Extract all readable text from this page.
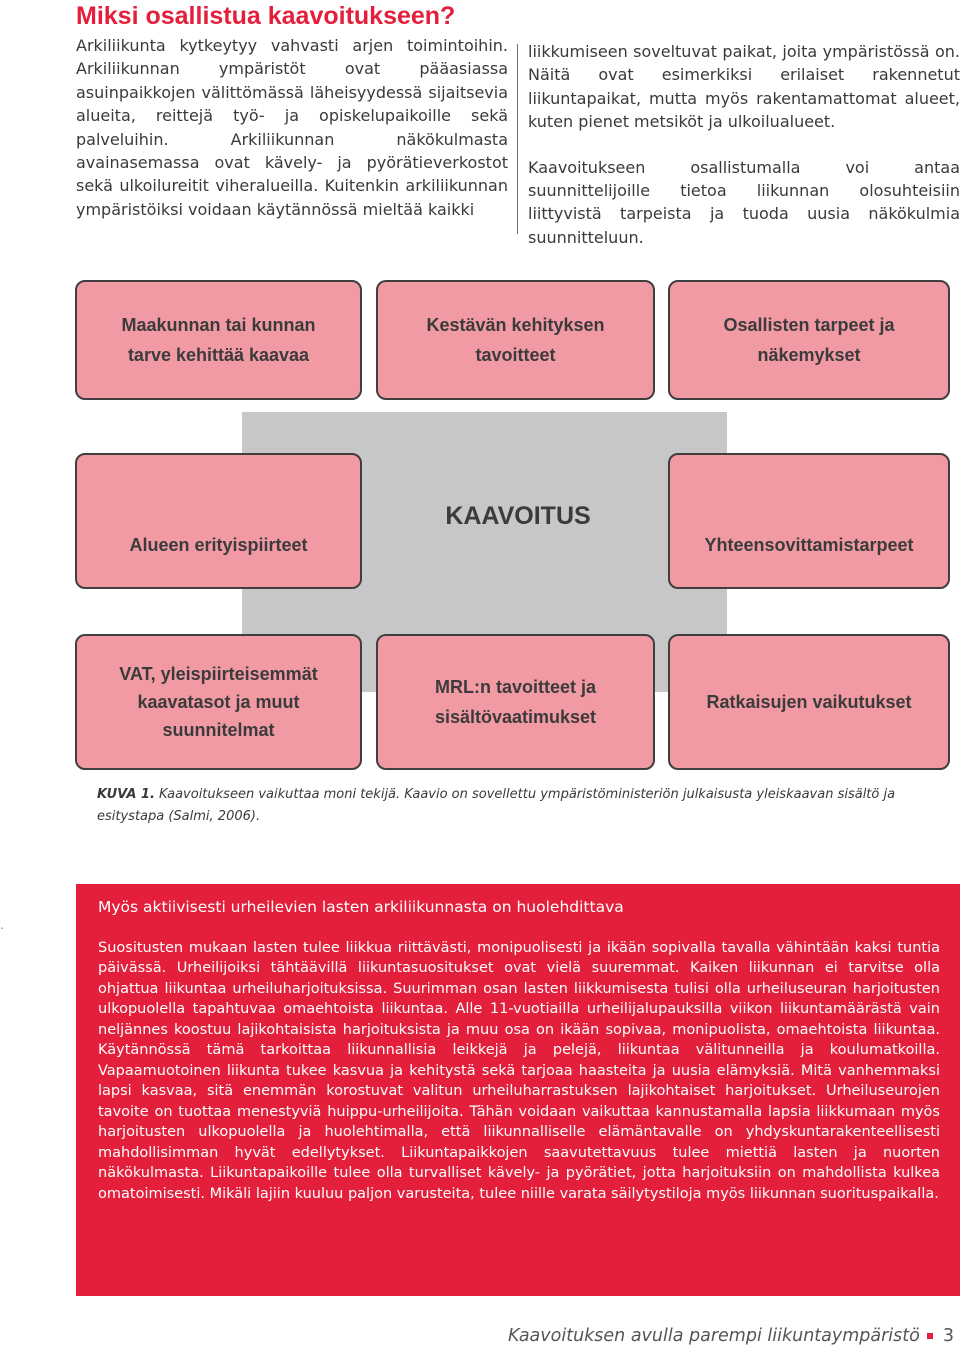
Miksi osallistua kaavoitukseen?

Arkiliikunta kytkeytyy vahvasti arjen toimintoihin. Arkiliikunnan ympäristöt ovat pääasiassa asuinpaikkojen välittömässä läheisyydessä sijaitsevia alueita, reittejä työ- ja opiskelupaikoille sekä palveluihin. Arkiliikunnan näkökulmasta avainasemassa ovat kävely- ja pyörätieverkostot sekä ulkoilureitit viheralueilla. Kuitenkin arkiliikunnan ympäristöiksi voidaan käytännössä mieltää kaikki

liikkumiseen soveltuvat paikat, joita ympäristössä on. Näitä ovat esimerkiksi erilaiset rakennetut liikuntapaikat, mutta myös rakentamattomat alueet, kuten pienet metsiköt ja ulkoilualueet.

Kaavoitukseen osallistumalla voi antaa suunnittelijoille tietoa liikunnan olosuhteisiin liittyvistä tarpeista ja tuoda uusia näkökulmia suunnitteluun.

Maakunnan tai kunnan
tarve kehittää kaavaa
Kestävän kehityksen
tavoitteet
Osallisten tarpeet ja
näkemykset
Alueen erityispiirteet	Yhteensovittamistarpeet
KAAVOITUS
VAT, yleispiirteisemmät
kaavatasot ja muut
suunnitelmat
MRL:n tavoitteet ja
sisältövaatimukset
Ratkaisujen vaikutukset
KUVA 1. Kaavoitukseen vaikuttaa moni tekijä. Kaavio on sovellettu ympäristöministeriön julkaisusta yleiskaavan sisältö ja esitystapa (Salmi, 2006).
.
Myös aktiivisesti urheilevien lasten arkiliikunnasta on huolehdittava

Suositusten mukaan lasten tulee liikkua riittävästi, monipuolisesti ja ikään sopivalla tavalla vähintään kaksi tuntia päivässä. Urheilijoiksi tähtäävillä liikuntasuositukset ovat vielä suuremmat. Kaiken liikunnan ei tarvitse olla ohjattua liikuntaa urheiluharjoituksissa. Suurimman osan lasten liikkumisesta tulisi olla urheiluseuran harjoitusten ulkopuolella tapahtuvaa omaehtoista liikuntaa. Alle 11-vuotiailla urheilijalupauksilla viikon liikuntamäärästä vain neljännes koostuu lajikohtaisista harjoituksista ja muu osa on ikään sopivaa, monipuolista, omaehtoista liikuntaa. Käytännössä tämä tarkoittaa liikunnallisia leikkejä ja pelejä, liikuntaa välitunneilla ja koulumatkoilla. Vapaamuotoinen liikunta tukee kasvua ja kehitystä sekä tarjoaa haasteita ja uusia elämyksiä. Mitä vanhemmaksi lapsi kasvaa, sitä enemmän korostuvat valitun urheiluharrastuksen lajikohtaiset harjoitukset. Urheiluseurojen tavoite on tuottaa menestyviä huippu-urheilijoita. Tähän voidaan vaikuttaa kannustamalla lapsia liikkumaan myös harjoitusten ulkopuolella ja huolehtimalla, että liikunnalliselle elämäntavalle on yhdyskuntarakenteellisesti mahdollisimman hyvät edellytykset. Liikuntapaikkojen saavutettavuus tulee miettiä lasten ja nuorten näkökulmasta. Liikuntapaikoille tulee olla turvalliset kävely- ja pyörätiet, jotta harjoituksiin on mahdollista kulkea omatoimisesti. Mikäli lajiin kuuluu paljon varusteita, tulee niille varata säilytystiloja myös liikunnan suorituspaikalla.

Kaavoituksen avulla parempi liikuntaympäristö 3
